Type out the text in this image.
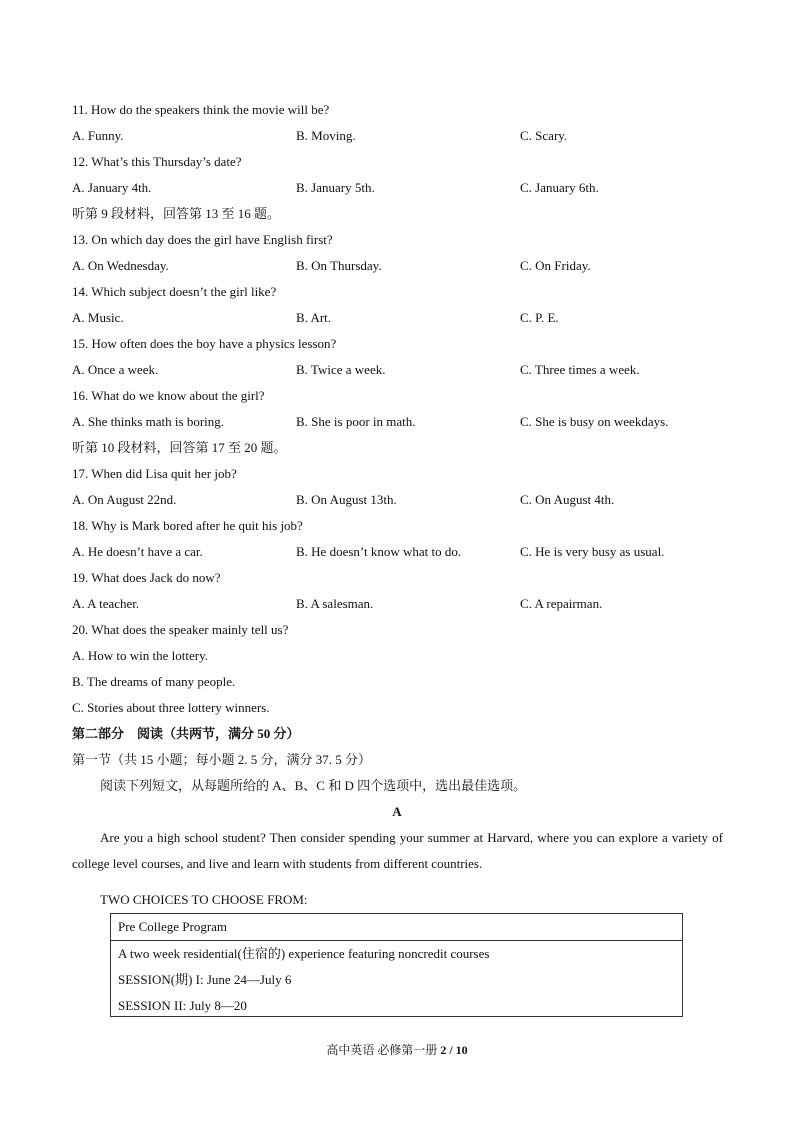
11. How do the speakers think the movie will be?
A. Funny.	B. Moving.	C. Scary.
12. What’s this Thursday’s date?
A. January 4th.	B. January 5th.	C. January 6th.
听第 9 段材料，回答第 13 至 16 题。
13. On which day does the girl have English first?
A. On Wednesday.	B. On Thursday.	C. On Friday.
14. Which subject doesn’t the girl like?
A. Music.	B. Art.	C. P. E.
15. How often does the boy have a physics lesson?
A. Once a week.	B. Twice a week.	C. Three times a week.
16. What do we know about the girl?
A. She thinks math is boring.	B. She is poor in math.	C. She is busy on weekdays.
听第 10 段材料，回答第 17 至 20 题。
17. When did Lisa quit her job?
A. On August 22nd.	B. On August 13th.	C. On August 4th.
18. Why is Mark bored after he quit his job?
A. He doesn’t have a car.	B. He doesn’t know what to do.	C. He is very busy as usual.
19. What does Jack do now?
A. A teacher.	B. A salesman.	C. A repairman.
20. What does the speaker mainly tell us?
A. How to win the lottery.
B. The dreams of many people.
C. Stories about three lottery winners.
第二部分　阅读（共两节，满分 50 分）
第一节（共 15 小题；每小题 2. 5 分，满分 37. 5 分）
阅读下列短文，从每题所给的 A、B、C 和 D 四个选项中，选出最佳选项。
A
Are you a high school student? Then consider spending your summer at Harvard, where you can explore a variety of college level courses, and live and learn with students from different countries.
TWO CHOICES TO CHOOSE FROM:
Pre College Program
A two week residential(住宿的) experience featuring noncredit courses
SESSION(期) I: June 24—July 6
SESSION II: July 8—20
高中英语 必修第一册 2 / 10
